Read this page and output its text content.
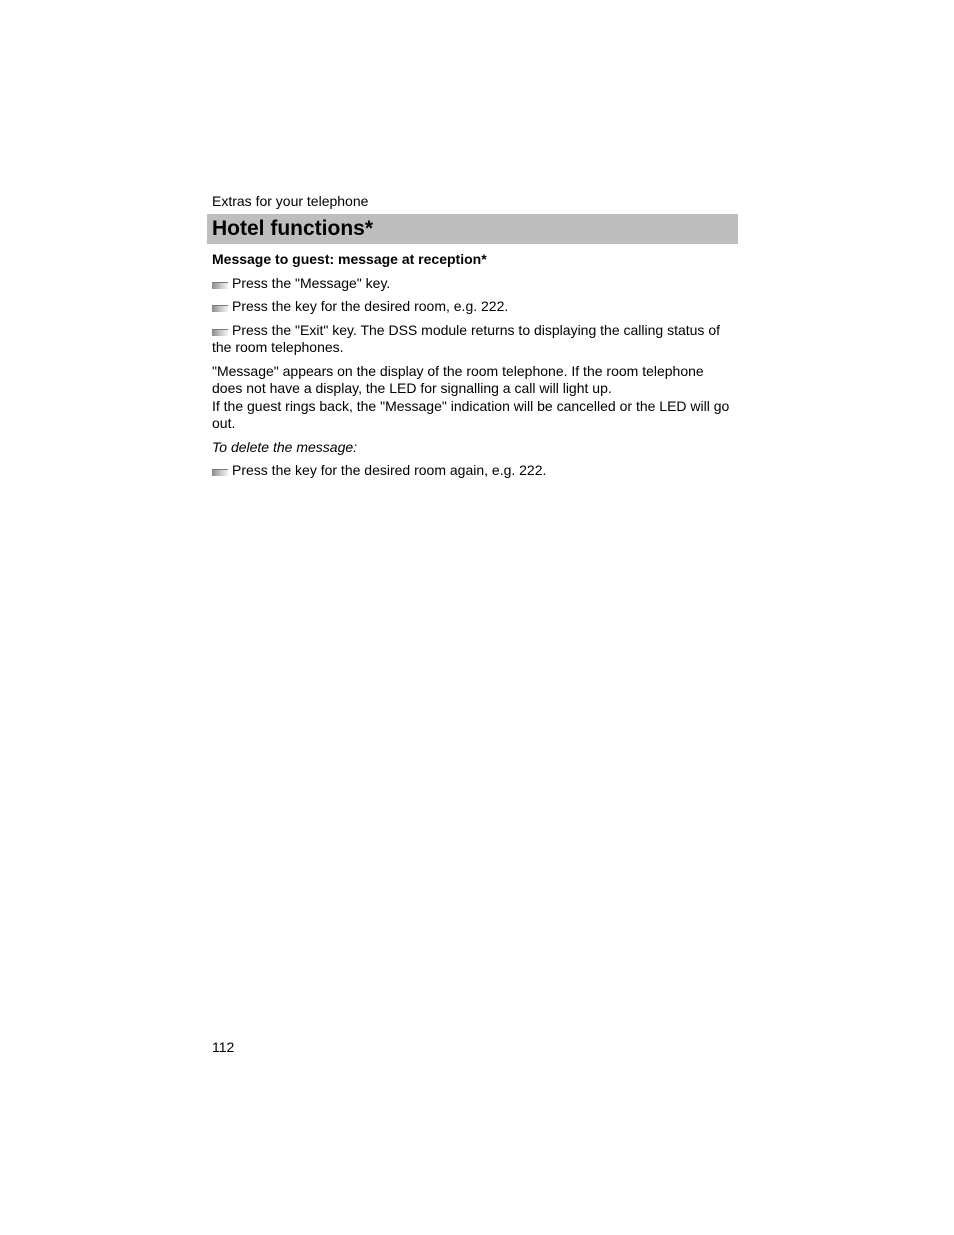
Extras for your telephone
Hotel functions*
Message to guest: message at reception*
Press the "Message" key.
Press the key for the desired room, e.g. 222.
Press the "Exit" key. The DSS module returns to displaying the calling status of the room telephones.
"Message" appears on the display of the room telephone. If the room telephone does not have a display, the LED for signalling a call will light up.
If the guest rings back, the "Message" indication will be cancelled or the LED will go out.
To delete the message:
Press the key for the desired room again, e.g. 222.
112
